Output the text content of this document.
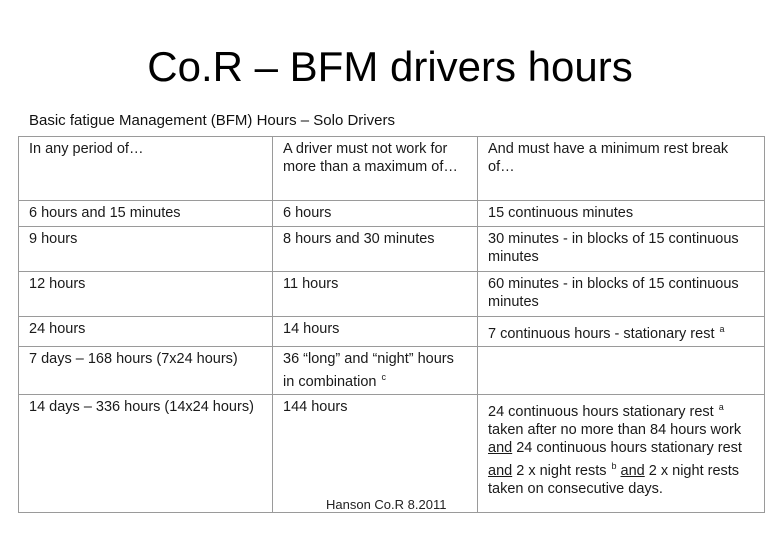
Co.R – BFM drivers hours
Basic fatigue Management (BFM) Hours – Solo Drivers
In any period of…	A driver must not work for more than a maximum of…	And must have a minimum rest break of…
6 hours and 15 minutes	6 hours	15 continuous minutes
9 hours	8 hours and 30 minutes	30 minutes - in blocks of 15 continuous minutes
12 hours	11 hours	60 minutes - in blocks of 15 continuous minutes
24 hours	14 hours	7 continuous hours - stationary rest $^a$
7 days – 168 hours (7x24 hours)	36 “long” and “night” hours in combination $^c$	
14 days – 336 hours (14x24 hours)	144 hours	24 continuous hours stationary rest $^a$ taken after no more than 84 hours work and 24 continuous hours stationary rest and 2 x night rests $^b$ and 2 x night rests taken on consecutive days.
Hanson Co.R 8.2011
